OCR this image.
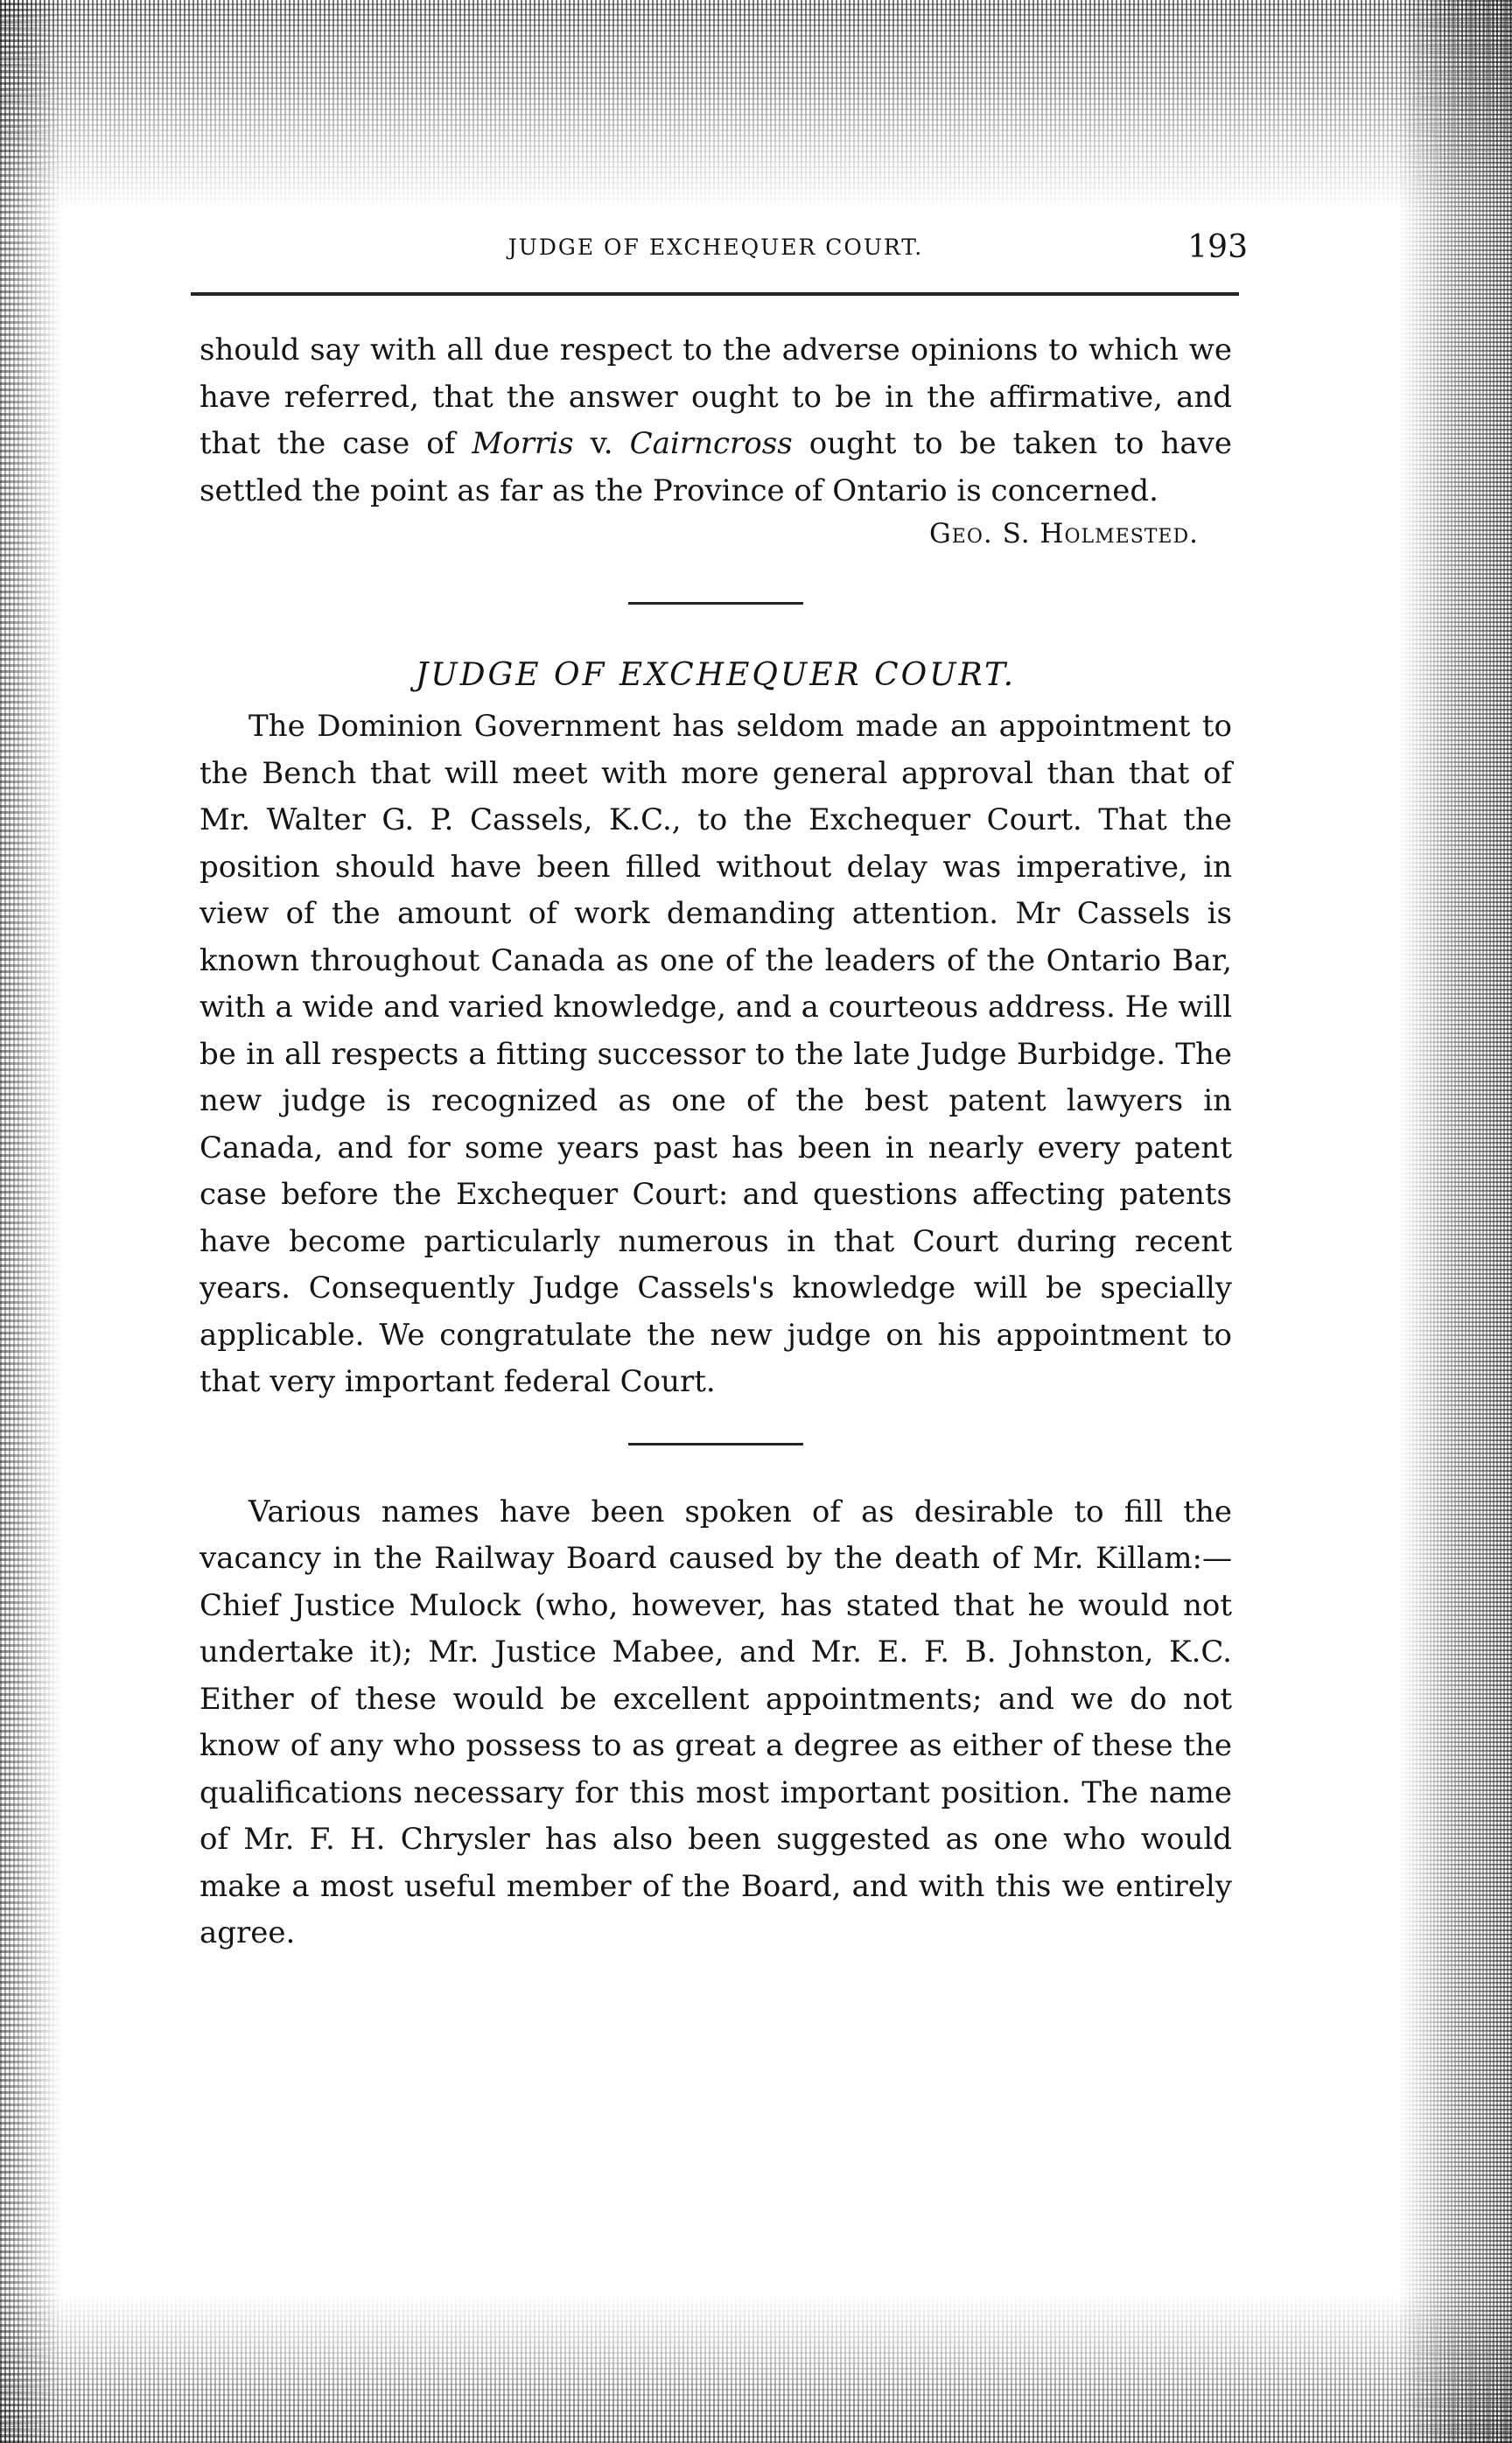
JUDGE OF EXCHEQUER COURT.	193

should say with all due respect to the adverse opinions to which we have referred, that the answer ought to be in the affirmative, and that the case of Morris v. Cairncross ought to be taken to have settled the point as far as the Province of Ontario is concerned.

Geo. S. Holmested.
JUDGE OF EXCHEQUER COURT.

The Dominion Government has seldom made an appointment to the Bench that will meet with more general approval than that of Mr. Walter G. P. Cassels, K.C., to the Exchequer Court. That the position should have been filled without delay was imperative, in view of the amount of work demanding attention. Mr Cassels is known throughout Canada as one of the leaders of the Ontario Bar, with a wide and varied knowledge, and a courteous address. He will be in all respects a fitting successor to the late Judge Burbidge. The new judge is recognized as one of the best patent lawyers in Canada, and for some years past has been in nearly every patent case before the Exchequer Court: and questions affecting patents have become particularly numerous in that Court during recent years. Consequently Judge Cassels's knowledge will be specially applicable. We congratulate the new judge on his appointment to that very important federal Court.

Various names have been spoken of as desirable to fill the vacancy in the Railway Board caused by the death of Mr. Killam:—Chief Justice Mulock (who, however, has stated that he would not undertake it); Mr. Justice Mabee, and Mr. E. F. B. Johnston, K.C. Either of these would be excellent appointments; and we do not know of any who possess to as great a degree as either of these the qualifications necessary for this most important position. The name of Mr. F. H. Chrysler has also been suggested as one who would make a most useful member of the Board, and with this we entirely agree.
